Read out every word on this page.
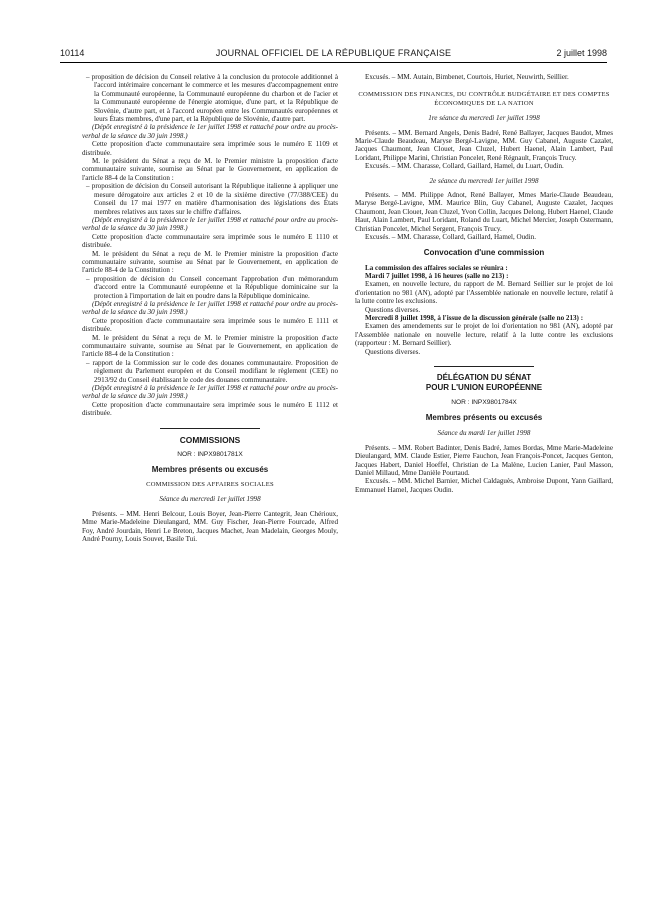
10114	JOURNAL OFFICIEL DE LA RÉPUBLIQUE FRANÇAISE	2 juillet 1998

– proposition de décision du Conseil relative à la conclusion du protocole additionnel à l'accord intérimaire concernant le commerce et les mesures d'accompagnement entre la Communauté européenne, la Communauté européenne du charbon et de l'acier et la Communauté européenne de l'énergie atomique, d'une part, et la République de Slovénie, d'autre part, et à l'accord européen entre les Communautés européennes et leurs États membres, d'une part, et la République de Slovénie, d'autre part.

(Dépôt enregistré à la présidence le 1er juillet 1998 et rattaché pour ordre au procès-verbal de la séance du 30 juin 1998.)

Cette proposition d'acte communautaire sera imprimée sous le numéro E 1109 et distribuée.

M. le président du Sénat a reçu de M. le Premier ministre la proposition d'acte communautaire suivante, soumise au Sénat par le Gouvernement, en application de l'article 88-4 de la Constitution :

– proposition de décision du Conseil autorisant la République italienne à appliquer une mesure dérogatoire aux articles 2 et 10 de la sixième directive (77/388/CEE) du Conseil du 17 mai 1977 en matière d'harmonisation des législations des États membres relatives aux taxes sur le chiffre d'affaires.

(Dépôt enregistré à la présidence le 1er juillet 1998 et rattaché pour ordre au procès-verbal de la séance du 30 juin 1998.)

Cette proposition d'acte communautaire sera imprimée sous le numéro E 1110 et distribuée.

M. le président du Sénat a reçu de M. le Premier ministre la proposition d'acte communautaire suivante, soumise au Sénat par le Gouvernement, en application de l'article 88-4 de la Constitution :

– proposition de décision du Conseil concernant l'approbation d'un mémorandum d'accord entre la Communauté européenne et la République dominicaine sur la protection à l'importation de lait en poudre dans la République dominicaine.

(Dépôt enregistré à la présidence le 1er juillet 1998 et rattaché pour ordre au procès-verbal de la séance du 30 juin 1998.)

Cette proposition d'acte communautaire sera imprimée sous le numéro E 1111 et distribuée.

M. le président du Sénat a reçu de M. le Premier ministre la proposition d'acte communautaire suivante, soumise au Sénat par le Gouvernement, en application de l'article 88-4 de la Constitution :

– rapport de la Commission sur le code des douanes communautaire. Proposition de règlement du Parlement européen et du Conseil modifiant le règlement (CEE) no 2913/92 du Conseil établissant le code des douanes communautaire.

(Dépôt enregistré à la présidence le 1er juillet 1998 et rattaché pour ordre au procès-verbal de la séance du 30 juin 1998.)

Cette proposition d'acte communautaire sera imprimée sous le numéro E 1112 et distribuée.

COMMISSIONS

NOR : INPX9801781X

Membres présents ou excusés

COMMISSION DES AFFAIRES SOCIALES

Séance du mercredi 1er juillet 1998

Présents. – MM. Henri Belcour, Louis Boyer, Jean-Pierre Cantegrit, Jean Chérioux, Mme Marie-Madeleine Dieulangard, MM. Guy Fischer, Jean-Pierre Fourcade, Alfred Foy, André Jourdain, Henri Le Breton, Jacques Machet, Jean Madelain, Georges Mouly, André Pourny, Louis Souvet, Basile Tui.

Excusés. – MM. Autain, Bimbenet, Courtois, Huriet, Neuwirth, Seillier.

COMMISSION DES FINANCES, DU CONTRÔLE BUDGÉTAIRE ET DES COMPTES ÉCONOMIQUES DE LA NATION

1re séance du mercredi 1er juillet 1998

Présents. – MM. Bernard Angels, Denis Badré, René Ballayer, Jacques Baudot, Mmes Marie-Claude Beaudeau, Maryse Bergé-Lavigne, MM. Guy Cabanel, Auguste Cazalet, Jacques Chaumont, Jean Clouet, Jean Cluzel, Hubert Haenel, Alain Lambert, Paul Loridant, Philippe Marini, Christian Poncelet, René Régnault, François Trucy.

Excusés. – MM. Charasse, Collard, Gaillard, Hamel, du Luart, Oudin.

2e séance du mercredi 1er juillet 1998

Présents. – MM. Philippe Adnot, René Ballayer, Mmes Marie-Claude Beaudeau, Maryse Bergé-Lavigne, MM. Maurice Blin, Guy Cabanel, Auguste Cazalet, Jacques Chaumont, Jean Clouet, Jean Cluzel, Yvon Collin, Jacques Delong, Hubert Haenel, Claude Haut, Alain Lambert, Paul Loridant, Roland du Luart, Michel Mercier, Joseph Ostermann, Christian Poncelet, Michel Sergent, François Trucy.

Excusés. – MM. Charasse, Collard, Gaillard, Hamel, Oudin.

Convocation d'une commission

La commission des affaires sociales se réunira :

Mardi 7 juillet 1998, à 16 heures (salle no 213) :

Examen, en nouvelle lecture, du rapport de M. Bernard Seillier sur le projet de loi d'orientation no 981 (AN), adopté par l'Assemblée nationale en nouvelle lecture, relatif à la lutte contre les exclusions.

Questions diverses.

Mercredi 8 juillet 1998, à l'issue de la discussion générale (salle no 213) :

Examen des amendements sur le projet de loi d'orientation no 981 (AN), adopté par l'Assemblée nationale en nouvelle lecture, relatif à la lutte contre les exclusions (rapporteur : M. Bernard Seillier).

Questions diverses.

DÉLÉGATION DU SÉNAT

POUR L'UNION EUROPÉENNE

NOR : INPX9801784X

Membres présents ou excusés

Séance du mardi 1er juillet 1998

Présents. – MM. Robert Badinter, Denis Badré, James Bordas, Mme Marie-Madeleine Dieulangard, MM. Claude Estier, Pierre Fauchon, Jean François-Poncet, Jacques Genton, Jacques Habert, Daniel Hoeffel, Christian de La Malène, Lucien Lanier, Paul Masson, Daniel Millaud, Mme Danièle Pourtaud.

Excusés. – MM. Michel Barnier, Michel Caldaguès, Ambroise Dupont, Yann Gaillard, Emmanuel Hamel, Jacques Oudin.
